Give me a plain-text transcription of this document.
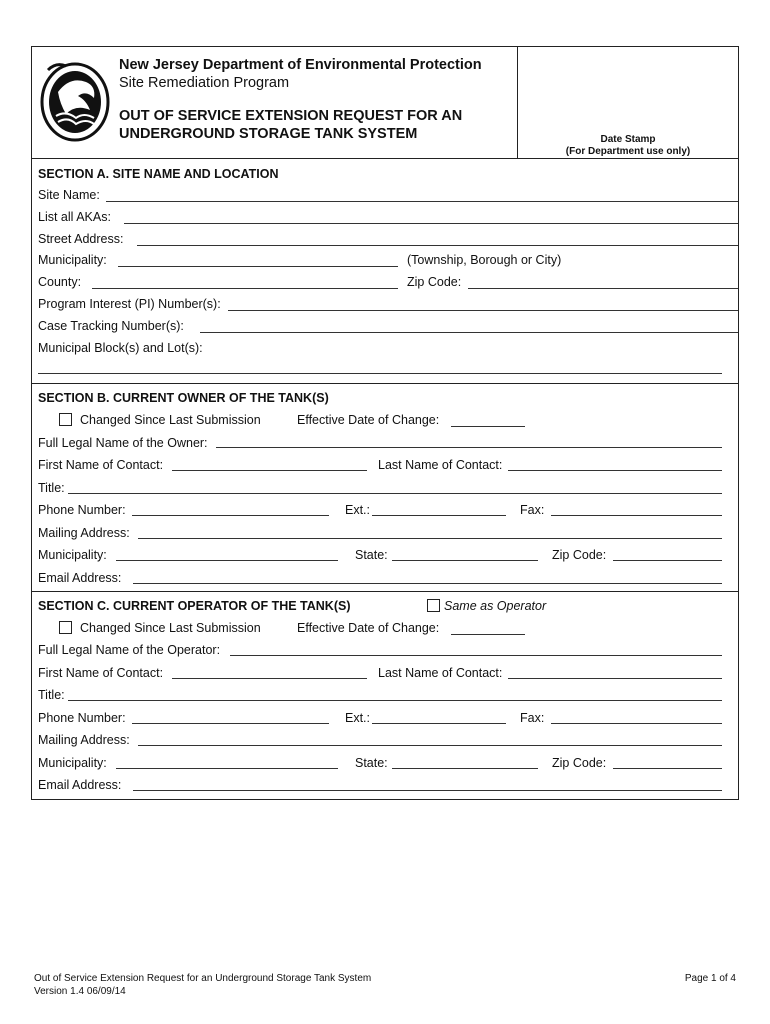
New Jersey Department of Environmental Protection
Site Remediation Program
OUT OF SERVICE EXTENSION REQUEST FOR AN
UNDERGROUND STORAGE TANK SYSTEM	Date Stamp
(For Department use only)
SECTION A. SITE NAME AND LOCATION
Site Name:
List all AKAs:
Street Address:
Municipality:	(Township, Borough or City)
County:	Zip Code:
Program Interest (PI) Number(s):
Case Tracking Number(s):
Municipal Block(s) and Lot(s):
SECTION B. CURRENT OWNER OF THE TANK(S)
Changed Since Last Submission	Effective Date of Change:
Full Legal Name of the Owner:
First Name of Contact:	Last Name of Contact:
Title:
Phone Number:	Ext.:	Fax:
Mailing Address:
Municipality:	State:	Zip Code:
Email Address:
SECTION C. CURRENT OPERATOR OF THE TANK(S)	Same as Operator
Changed Since Last Submission	Effective Date of Change:
Full Legal Name of the Operator:
First Name of Contact:	Last Name of Contact:
Title:
Phone Number:	Ext.:	Fax:
Mailing Address:
Municipality:	State:	Zip Code:
Email Address:
Out of Service Extension Request for an Underground Storage Tank System
Version 1.4 06/09/14
Page 1 of 4
